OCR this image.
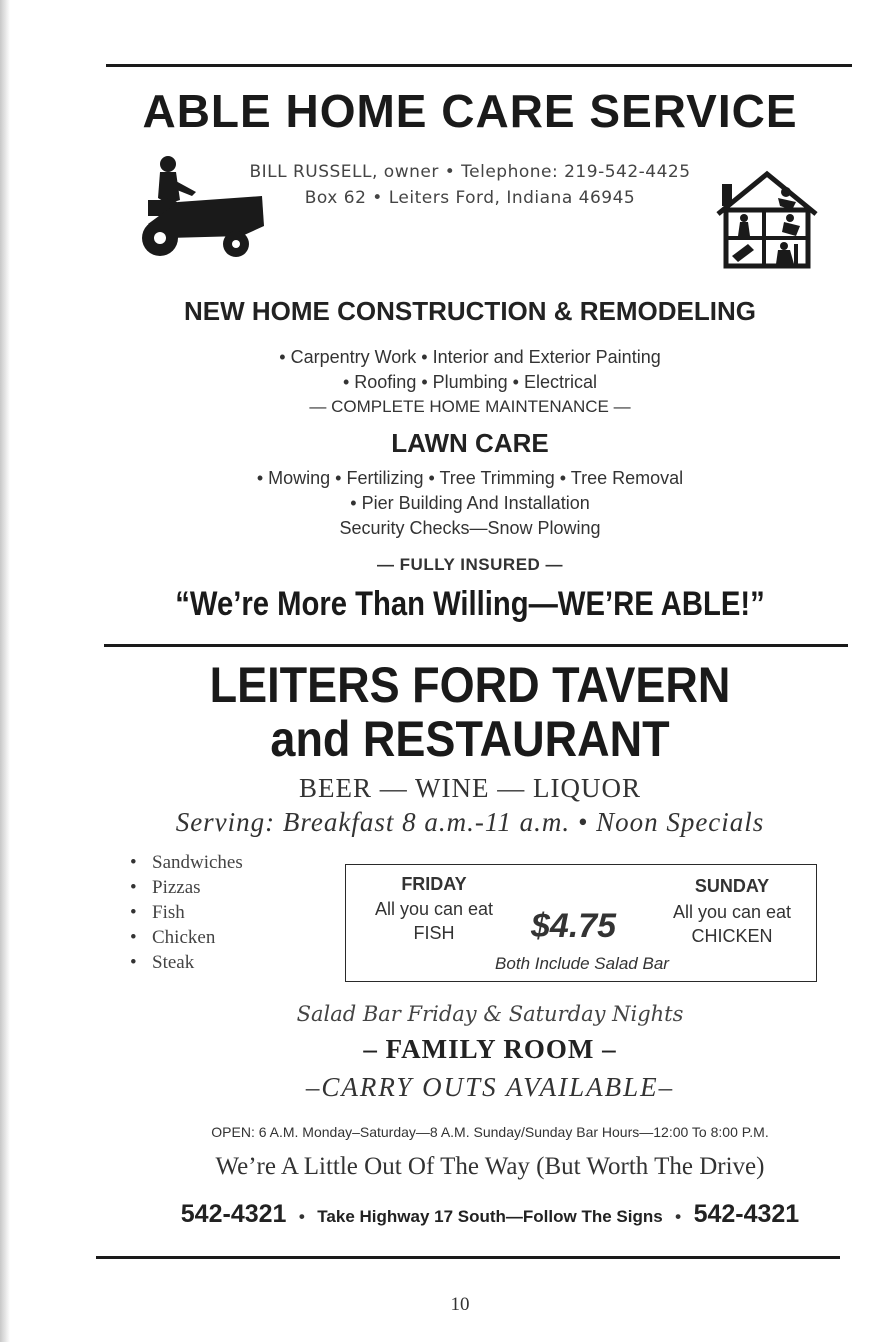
ABLE HOME CARE SERVICE
BILL RUSSELL, owner • Telephone: 219-542-4425
Box 62 • Leiters Ford, Indiana 46945
NEW HOME CONSTRUCTION & REMODELING
• Carpentry Work • Interior and Exterior Painting
• Roofing • Plumbing • Electrical
— COMPLETE HOME MAINTENANCE —
LAWN CARE
• Mowing • Fertilizing • Tree Trimming • Tree Removal
• Pier Building And Installation
Security Checks—Snow Plowing
— FULLY INSURED —
“We’re More Than Willing—WE’RE ABLE!”
LEITERS FORD TAVERN
and RESTAURANT
BEER — WINE — LIQUOR
Serving: Breakfast 8 a.m.-11 a.m. • Noon Specials
• Sandwiches
• Pizzas
• Fish
• Chicken
• Steak
FRIDAY
All you can eat
FISH	$4.75
SUNDAY
All you can eat
CHICKEN
Both Include Salad Bar
Salad Bar Friday & Saturday Nights
– FAMILY ROOM –
–CARRY OUTS AVAILABLE–
OPEN: 6 A.M. Monday–Saturday—8 A.M. Sunday/Sunday Bar Hours—12:00 To 8:00 P.M.
We’re A Little Out Of The Way (But Worth The Drive)
542-4321 • Take Highway 17 South—Follow The Signs • 542-4321
10
